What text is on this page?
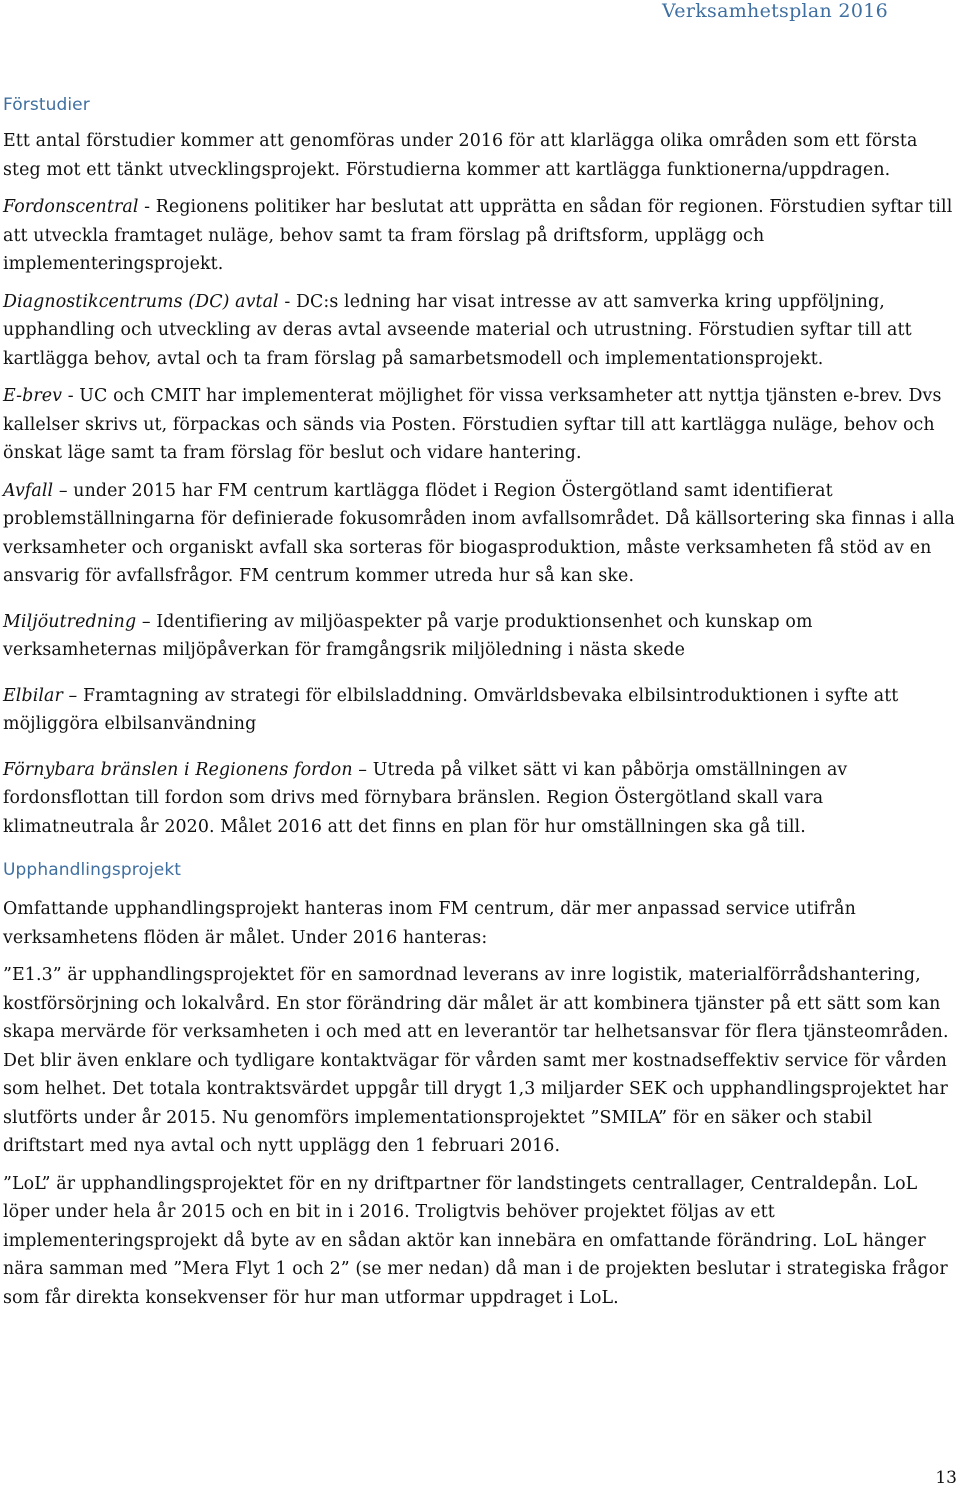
Verksamhetsplan 2016
Förstudier

Ett antal förstudier kommer att genomföras under 2016 för att klarlägga olika områden som ett första steg mot ett tänkt utvecklingsprojekt. Förstudierna kommer att kartlägga funktionerna/uppdragen.

Fordonscentral - Regionens politiker har beslutat att upprätta en sådan för regionen. Förstudien syftar till att utveckla framtaget nuläge, behov samt ta fram förslag på driftsform, upplägg och implementeringsprojekt.

Diagnostikcentrums (DC) avtal - DC:s ledning har visat intresse av att samverka kring uppföljning, upphandling och utveckling av deras avtal avseende material och utrustning. Förstudien syftar till att kartlägga behov, avtal och ta fram förslag på samarbetsmodell och implementationsprojekt.

E-brev - UC och CMIT har implementerat möjlighet för vissa verksamheter att nyttja tjänsten e-brev. Dvs kallelser skrivs ut, förpackas och sänds via Posten. Förstudien syftar till att kartlägga nuläge, behov och önskat läge samt ta fram förslag för beslut och vidare hantering.

Avfall – under 2015 har FM centrum kartlägga flödet i Region Östergötland samt identifierat problemställningarna för definierade fokusområden inom avfallsområdet. Då källsortering ska finnas i alla verksamheter och organiskt avfall ska sorteras för biogasproduktion, måste verksamheten få stöd av en ansvarig för avfallsfrågor. FM centrum kommer utreda hur så kan ske.

Miljöutredning – Identifiering av miljöaspekter på varje produktionsenhet och kunskap om verksamheternas miljöpåverkan för framgångsrik miljöledning i nästa skede

Elbilar – Framtagning av strategi för elbilsladdning. Omvärldsbevaka elbilsintroduktionen i syfte att möjliggöra elbilsanvändning

Förnybara bränslen i Regionens fordon – Utreda på vilket sätt vi kan påbörja omställningen av fordonsflottan till fordon som drivs med förnybara bränslen. Region Östergötland skall vara klimatneutrala år 2020. Målet 2016 att det finns en plan för hur omställningen ska gå till.

Upphandlingsprojekt

Omfattande upphandlingsprojekt hanteras inom FM centrum, där mer anpassad service utifrån verksamhetens flöden är målet. Under 2016 hanteras:

”E1.3” är upphandlingsprojektet för en samordnad leverans av inre logistik, materialförrådshantering, kostförsörjning och lokalvård. En stor förändring där målet är att kombinera tjänster på ett sätt som kan skapa mervärde för verksamheten i och med att en leverantör tar helhetsansvar för flera tjänsteområden. Det blir även enklare och tydligare kontaktvägar för vården samt mer kostnadseffektiv service för vården som helhet. Det totala kontraktsvärdet uppgår till drygt 1,3 miljarder SEK och upphandlingsprojektet har slutförts under år 2015. Nu genomförs implementationsprojektet ”SMILA” för en säker och stabil driftstart med nya avtal och nytt upplägg den 1 februari 2016.

”LoL” är upphandlingsprojektet för en ny driftpartner för landstingets centrallager, Centraldepån. LoL löper under hela år 2015 och en bit in i 2016. Troligtvis behöver projektet följas av ett implementeringsprojekt då byte av en sådan aktör kan innebära en omfattande förändring. LoL hänger nära samman med ”Mera Flyt 1 och 2” (se mer nedan) då man i de projekten beslutar i strategiska frågor som får direkta konsekvenser för hur man utformar uppdraget i LoL.

13
